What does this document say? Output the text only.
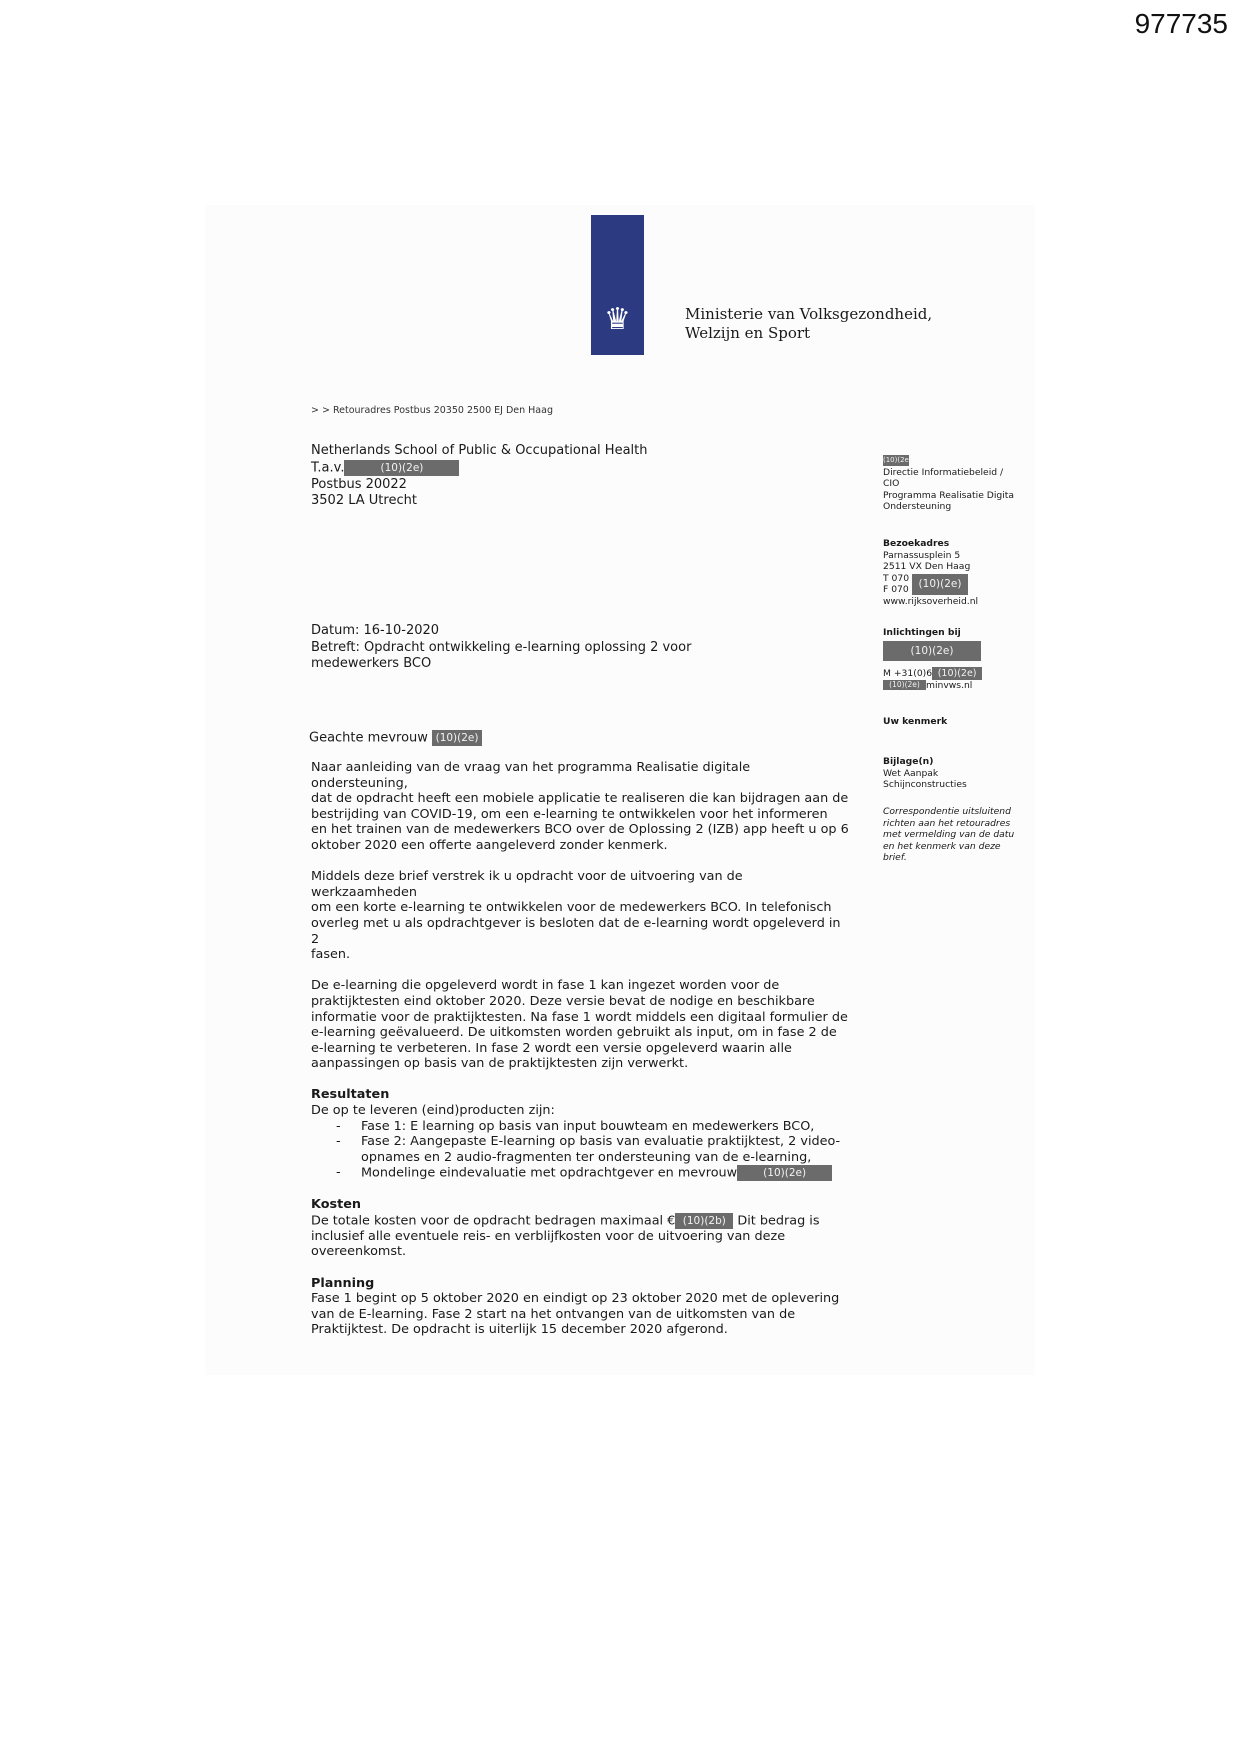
977735
♛	Ministerie van Volksgezondheid,
Welzijn en Sport
> > Retouradres Postbus 20350 2500 EJ Den Haag
Netherlands School of Public & Occupational Health
T.a.v.	(10)(2e)
Postbus 20022
3502 LA Utrecht
Datum: 16-10-2020
Betreft: Opdracht ontwikkeling e-learning oplossing 2 voor
medewerkers BCO
Geachte mevrouw (10)(2e)

Naar aanleiding van de vraag van het programma Realisatie digitale ondersteuning,
dat de opdracht heeft een mobiele applicatie te realiseren die kan bijdragen aan de
bestrijding van COVID-19, om een e-learning te ontwikkelen voor het informeren
en het trainen van de medewerkers BCO over de Oplossing 2 (IZB) app heeft u op 6
oktober 2020 een offerte aangeleverd zonder kenmerk.

Middels deze brief verstrek ik u opdracht voor de uitvoering van de werkzaamheden
om een korte e-learning te ontwikkelen voor de medewerkers BCO. In telefonisch
overleg met u als opdrachtgever is besloten dat de e-learning wordt opgeleverd in 2
fasen.

De e-learning die opgeleverd wordt in fase 1 kan ingezet worden voor de
praktijktesten eind oktober 2020. Deze versie bevat de nodige en beschikbare
informatie voor de praktijktesten. Na fase 1 wordt middels een digitaal formulier de
e-learning geëvalueerd. De uitkomsten worden gebruikt als input, om in fase 2 de
e-learning te verbeteren. In fase 2 wordt een versie opgeleverd waarin alle
aanpassingen op basis van de praktijktesten zijn verwerkt.

Resultaten
De op te leveren (eind)producten zijn:
- Fase 1: E learning op basis van input bouwteam en medewerkers BCO,
- Fase 2: Aangepaste E-learning op basis van evaluatie praktijktest, 2 video-
opnames en 2 audio-fragmenten ter ondersteuning van de e-learning,
- Mondelinge eindevaluatie met opdrachtgever en mevrouw (10)(2e)
Kosten
De totale kosten voor de opdracht bedragen maximaal € (10)(2b) Dit bedrag is
inclusief alle eventuele reis- en verblijfkosten voor de uitvoering van deze
overeenkomst.
Planning
Fase 1 begint op 5 oktober 2020 en eindigt op 23 oktober 2020 met de oplevering
van de E-learning. Fase 2 start na het ontvangen van de uitkomsten van de
Praktijktest. De opdracht is uiterlijk 15 december 2020 afgerond.
(10)(2e)
Directie Informatiebeleid /
CIO
Programma Realisatie Digita
Ondersteuning
Bezoekadres
Parnassusplein 5
2511 VX Den Haag
T 070
F 070 (10)(2e)
www.rijksoverheid.nl
Inlichtingen bij
(10)(2e)
M +31(0)6 (10)(2e)
(10)(2e) minvws.nl
Uw kenmerk
Bijlage(n)
Wet Aanpak
Schijnconstructies
Correspondentie uitsluitend
richten aan het retouradres
met vermelding van de datu
en het kenmerk van deze
brief.
